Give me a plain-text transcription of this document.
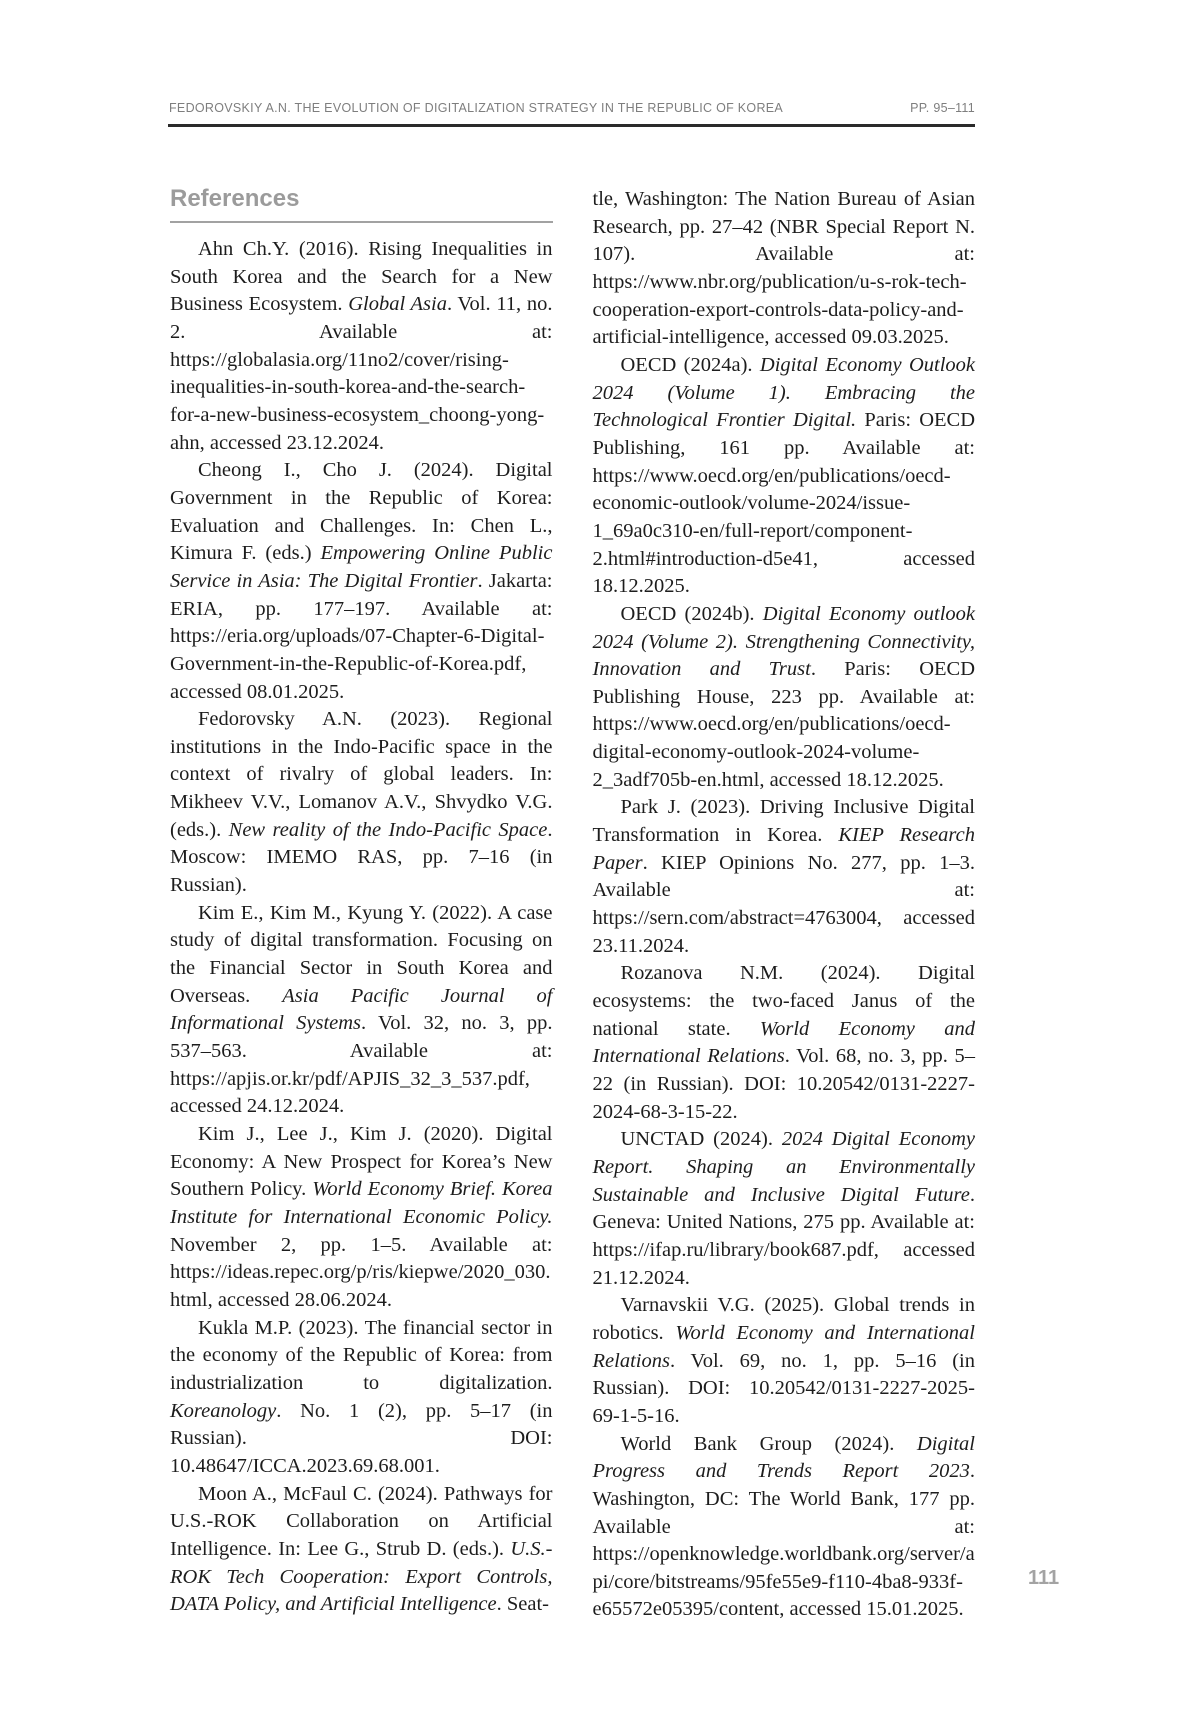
FEDOROVSKIY A.N. THE EVOLUTION OF DIGITALIZATION STRATEGY IN THE REPUBLIC OF KOREA	PP. 95–111
References

Ahn Ch.Y. (2016). Rising Inequalities in South Korea and the Search for a New Business Ecosystem. Global Asia. Vol. 11, no. 2. Available at: https://globalasia.org/11no2/cover/rising-inequalities-in-south-korea-and-the-search-for-a-new-business-ecosystem_choong-yong-ahn, accessed 23.12.2024.

Cheong I., Cho J. (2024). Digital Government in the Republic of Korea: Evaluation and Challenges. In: Chen L., Kimura F. (eds.) Empowering Online Public Service in Asia: The Digital Frontier. Jakarta: ERIA, pp. 177–197. Available at: https://eria.org/uploads/07-Chapter-6-Digital-Government-in-the-Republic-of-Korea.pdf, accessed 08.01.2025.

Fedorovsky A.N. (2023). Regional institutions in the Indo-Pacific space in the context of rivalry of global leaders. In: Mikheev V.V., Lomanov A.V., Shvydko V.G. (eds.). New reality of the Indo-Pacific Space. Moscow: IMEMO RAS, pp. 7–16 (in Russian).

Kim E., Kim M., Kyung Y. (2022). A case study of digital transformation. Focusing on the Financial Sector in South Korea and Overseas. Asia Pacific Journal of Informational Systems. Vol. 32, no. 3, pp. 537–563. Available at: https://apjis.or.kr/pdf/APJIS_32_3_537.pdf, accessed 24.12.2024.

Kim J., Lee J., Kim J. (2020). Digital Economy: A New Prospect for Korea’s New Southern Policy. World Economy Brief. Korea Institute for International Economic Policy. November 2, pp. 1–5. Available at: https://ideas.repec.org/p/ris/kiepwe/2020_030.html, accessed 28.06.2024.

Kukla M.P. (2023). The financial sector in the economy of the Republic of Korea: from industrialization to digitalization. Koreanology. No. 1 (2), pp. 5–17 (in Russian). DOI: 10.48647/ICCA.2023.69.68.001.

Moon A., McFaul C. (2024). Pathways for U.S.-ROK Collaboration on Artificial Intelligence. In: Lee G., Strub D. (eds.). U.S.-ROK Tech Cooperation: Export Controls, DATA Policy, and Artificial Intelligence. Seat-

tle, Washington: The Nation Bureau of Asian Research, pp. 27–42 (NBR Special Report N. 107). Available at: https://www.nbr.org/publication/u-s-rok-tech-cooperation-export-controls-data-policy-and-artificial-intelligence, accessed 09.03.2025.

OECD (2024a). Digital Economy Outlook 2024 (Volume 1). Embracing the Technological Frontier Digital. Paris: OECD Publishing, 161 pp. Available at: https://www.oecd.org/en/publications/oecd-economic-outlook/volume-2024/issue-1_69a0c310-en/full-report/component-2.html#introduction-d5e41, accessed 18.12.2025.

OECD (2024b). Digital Economy outlook 2024 (Volume 2). Strengthening Connectivity, Innovation and Trust. Paris: OECD Publishing House, 223 pp. Available at: https://www.oecd.org/en/publications/oecd-digital-economy-outlook-2024-volume-2_3adf705b-en.html, accessed 18.12.2025.

Park J. (2023). Driving Inclusive Digital Transformation in Korea. KIEP Research Paper. KIEP Opinions No. 277, pp. 1–3. Available at: https://sern.com/abstract=4763004, accessed 23.11.2024.

Rozanova N.M. (2024). Digital ecosystems: the two-faced Janus of the national state. World Economy and International Relations. Vol. 68, no. 3, pp. 5–22 (in Russian). DOI: 10.20542/0131-2227-2024-68-3-15-22.

UNCTAD (2024). 2024 Digital Economy Report. Shaping an Environmentally Sustainable and Inclusive Digital Future. Geneva: United Nations, 275 pp. Available at: https://ifap.ru/library/book687.pdf, accessed 21.12.2024.

Varnavskii V.G. (2025). Global trends in robotics. World Economy and International Relations. Vol. 69, no. 1, pp. 5–16 (in Russian). DOI: 10.20542/0131-2227-2025-69-1-5-16.

World Bank Group (2024). Digital Progress and Trends Report 2023. Washington, DC: The World Bank, 177 pp. Available at: https://openknowledge.worldbank.org/server/api/core/bitstreams/95fe55e9-f110-4ba8-933f-e65572e05395/content, accessed 15.01.2025.

111
